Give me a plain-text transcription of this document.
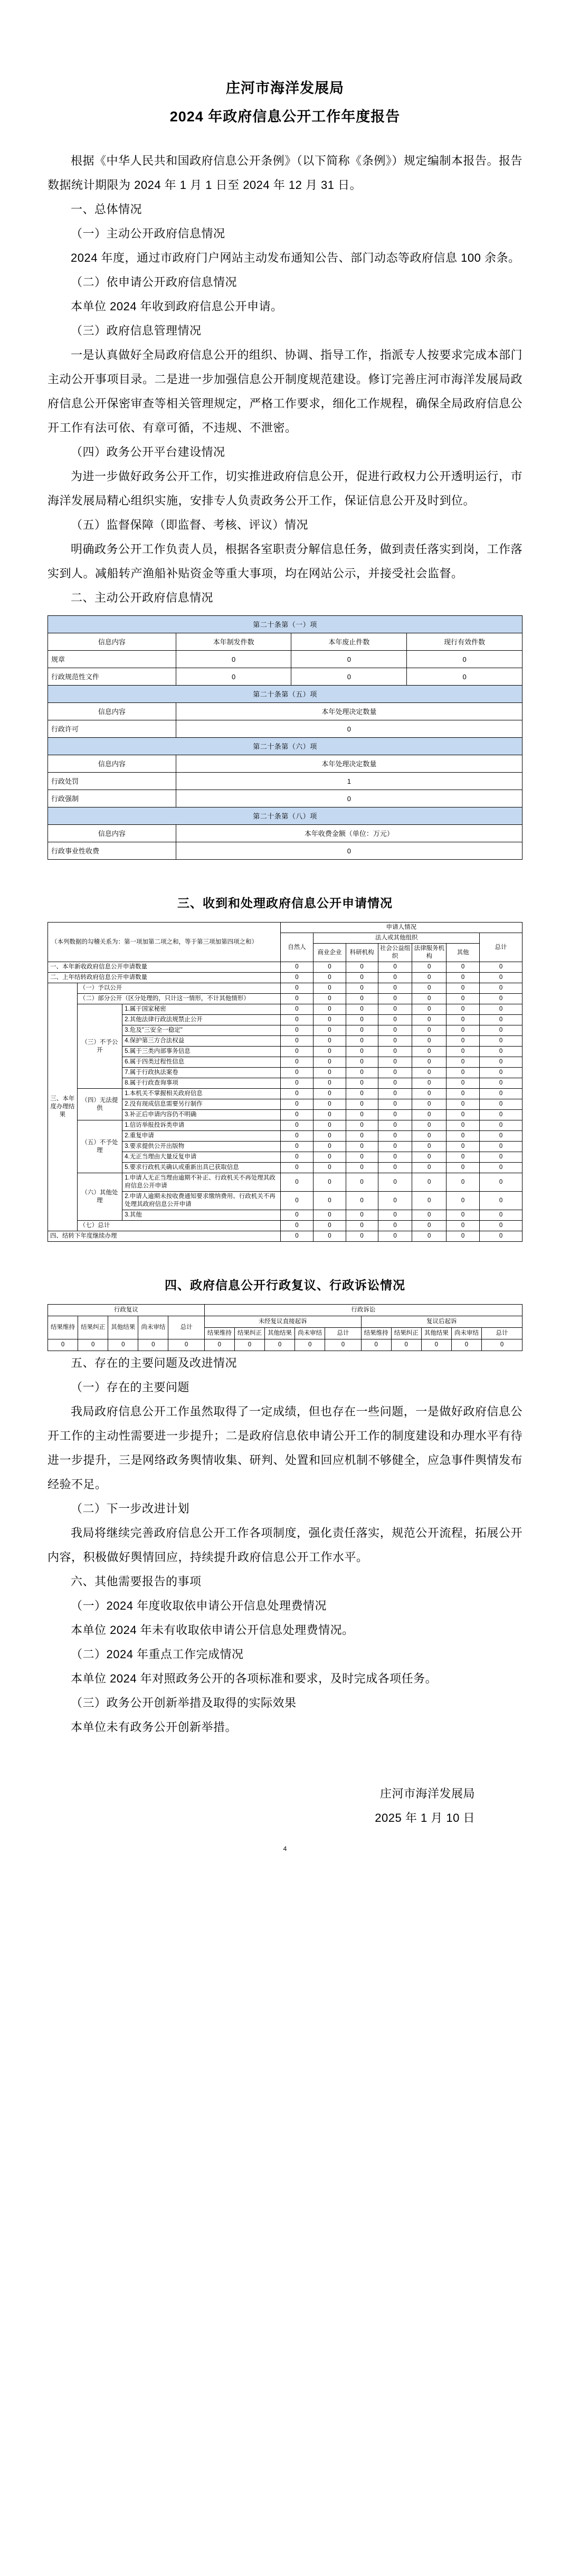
庄河市海洋发展局
2024 年政府信息公开工作年度报告

根据《中华人民共和国政府信息公开条例》（以下简称《条例》）规定编制本报告。报告数据统计期限为 2024 年 1 月 1 日至 2024 年 12 月 31 日。

一、总体情况

（一）主动公开政府信息情况

2024 年度，通过市政府门户网站主动发布通知公告、部门动态等政府信息 100 余条。

（二）依申请公开政府信息情况

本单位 2024 年收到政府信息公开申请。

（三）政府信息管理情况

一是认真做好全局政府信息公开的组织、协调、指导工作，指派专人按要求完成本部门主动公开事项目录。二是进一步加强信息公开制度规范建设。修订完善庄河市海洋发展局政府信息公开保密审查等相关管理规定，严格工作要求，细化工作规程，确保全局政府信息公开工作有法可依、有章可循，不违规、不泄密。

（四）政务公开平台建设情况

为进一步做好政务公开工作，切实推进政府信息公开，促进行政权力公开透明运行，市海洋发展局精心组织实施，安排专人负责政务公开工作，保证信息公开及时到位。

（五）监督保障（即监督、考核、评议）情况

明确政务公开工作负责人员，根据各室职责分解信息任务，做到责任落实到岗，工作落实到人。减船转产渔船补贴资金等重大事项，均在网站公示，并接受社会监督。

二、主动公开政府信息情况

第二十条第（一）项			
信息内容	本年制发件数	本年废止件数	现行有效件数
规章	0	0	0
行政规范性文件	0	0	0
第二十条第（五）项			
信息内容	本年处理决定数量		
行政许可	0		
第二十条第（六）项			
信息内容	本年处理决定数量		
行政处罚	1		
行政强制	0		
第二十条第（八）项			
信息内容	本年收费金额（单位：万元）		
行政事业性收费	0		

三、收到和处理政府信息公开申请情况

（本列数据的勾稽关系为：第一项加第二项之和，等于第三项加第四项之和）			申请人情况						
			自然人	法人或其他组织					总计
				商业企业	科研机构	社会公益组织	法律服务机构	其他	
一、本年新收政府信息公开申请数量			0	0	0	0	0	0	0
二、上年结转政府信息公开申请数量			0	0	0	0	0	0	0
三、本年度办理结果	（一）予以公开		0	0	0	0	0	0	0
	（二）部分公开（区分处理的，只计这一情形，不计其他情形）		0	0	0	0	0	0	0
	（三）不予公开	1.属于国家秘密	0	0	0	0	0	0	0
		2.其他法律行政法规禁止公开	0	0	0	0	0	0	0
		3.危及"三安全一稳定"	0	0	0	0	0	0	0
		4.保护第三方合法权益	0	0	0	0	0	0	0
		5.属于三类内部事务信息	0	0	0	0	0	0	0
		6.属于四类过程性信息	0	0	0	0	0	0	0
		7.属于行政执法案卷	0	0	0	0	0	0	0
		8.属于行政查询事项	0	0	0	0	0	0	0
	（四）无法提供	1.本机关不掌握相关政府信息	0	0	0	0	0	0	0
		2.没有现成信息需要另行制作	0	0	0	0	0	0	0
		3.补正后申请内容仍不明确	0	0	0	0	0	0	0
	（五）不予处理	1.信访举报投诉类申请	0	0	0	0	0	0	0
		2.重复申请	0	0	0	0	0	0	0
		3.要求提供公开出版物	0	0	0	0	0	0	0
		4.无正当理由大量反复申请	0	0	0	0	0	0	0
		5.要求行政机关确认或重新出具已获取信息	0	0	0	0	0	0	0
	（六）其他处理	1.申请人无正当理由逾期不补正、行政机关不再处理其政府信息公开申请	0	0	0	0	0	0	0
		2.申请人逾期未按收费通知要求缴纳费用、行政机关不再处理其政府信息公开申请	0	0	0	0	0	0	0
		3.其他	0	0	0	0	0	0	0
	（七）总计		0	0	0	0	0	0	0
四、结转下年度继续办理			0	0	0	0	0	0	0

四、政府信息公开行政复议、行政诉讼情况

行政复议					行政诉讼									
结果维持	结果纠正	其他结果	尚未审结	总计	未经复议直接起诉					复议后起诉				
					结果维持	结果纠正	其他结果	尚未审结	总计	结果维持	结果纠正	其他结果	尚未审结	总计
0	0	0	0	0	0	0	0	0	0	0	0	0	0	0

五、存在的主要问题及改进情况

（一）存在的主要问题

我局政府信息公开工作虽然取得了一定成绩，但也存在一些问题，一是做好政府信息公开工作的主动性需要进一步提升；二是政府信息依申请公开工作的制度建设和办理水平有待进一步提升，三是网络政务舆情收集、研判、处置和回应机制不够健全，应急事件舆情发布经验不足。

（二）下一步改进计划

我局将继续完善政府信息公开工作各项制度，强化责任落实，规范公开流程，拓展公开内容，积极做好舆情回应，持续提升政府信息公开工作水平。

六、其他需要报告的事项

（一）2024 年度收取依申请公开信息处理费情况

本单位 2024 年未有收取依申请公开信息处理费情况。

（二）2024 年重点工作完成情况

本单位 2024 年对照政务公开的各项标准和要求，及时完成各项任务。

（三）政务公开创新举措及取得的实际效果

本单位未有政务公开创新举措。

庄河市海洋发展局
2025 年 1 月 10 日
4
